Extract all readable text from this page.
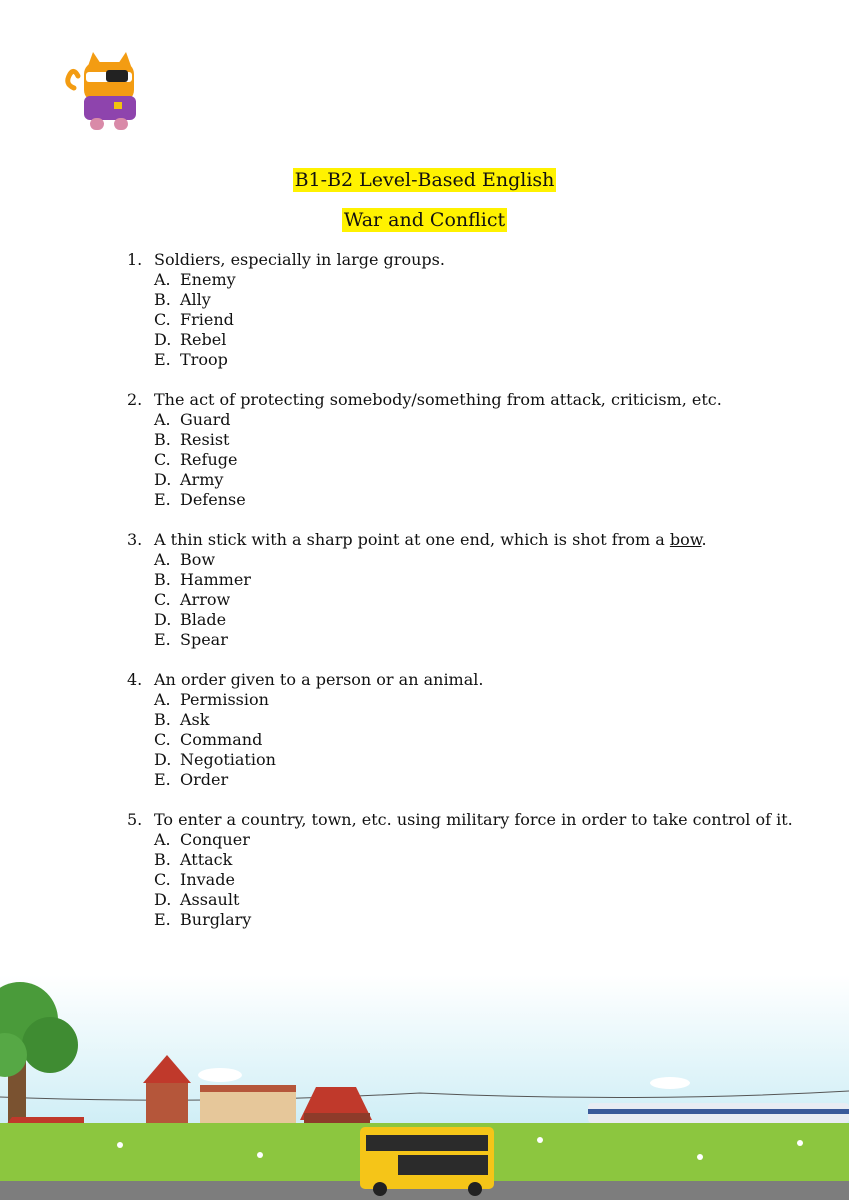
B1-B2 Level-Based English
War and Conflict
1. Soldiers, especially in large groups.
A. Enemy
B. Ally
C. Friend
D. Rebel
E. Troop
2. The act of protecting somebody/something from attack, criticism, etc.
A. Guard
B. Resist
C. Refuge
D. Army
E. Defense
3. A thin stick with a sharp point at one end, which is shot from a bow.
A. Bow
B. Hammer
C. Arrow
D. Blade
E. Spear
4. An order given to a person or an animal.
A. Permission
B. Ask
C. Command
D. Negotiation
E. Order
5. To enter a country, town, etc. using military force in order to take control of it.
A. Conquer
B. Attack
C. Invade
D. Assault
E. Burglary
